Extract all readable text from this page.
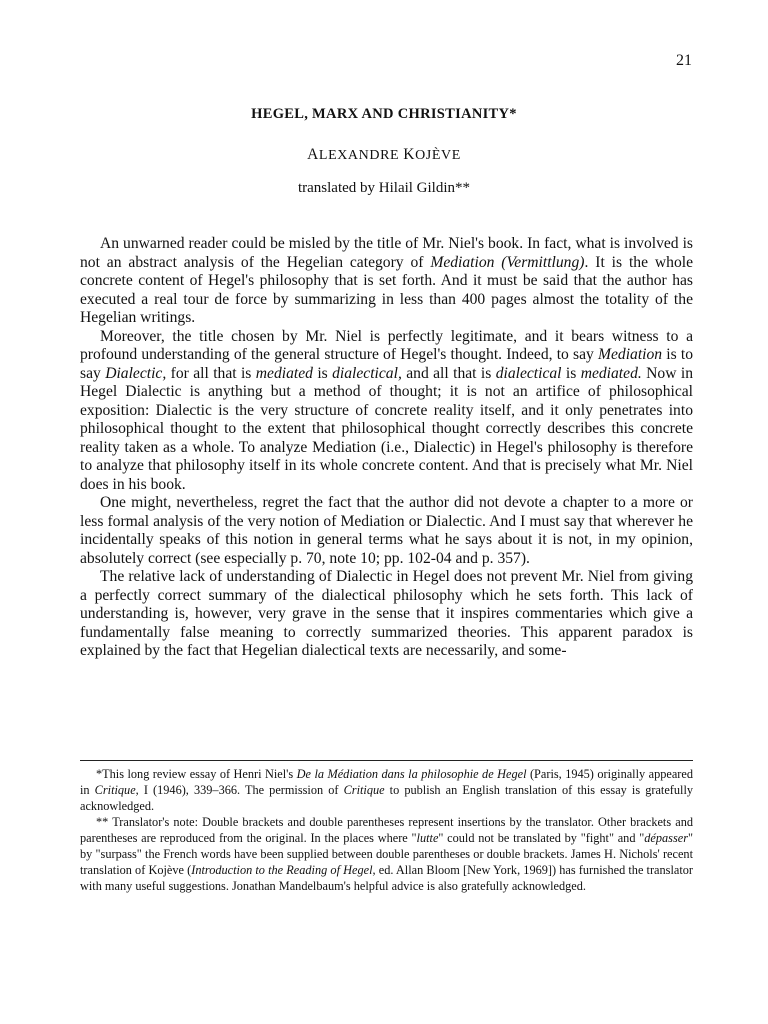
21
HEGEL, MARX AND CHRISTIANITY*
ALEXANDRE KOJÈVE
translated by Hilail Gildin**

An unwarned reader could be misled by the title of Mr. Niel's book. In fact, what is involved is not an abstract analysis of the Hegelian category of Mediation (Vermittlung). It is the whole concrete content of Hegel's philosophy that is set forth. And it must be said that the author has executed a real tour de force by summarizing in less than 400 pages almost the totality of the Hegelian writings.

Moreover, the title chosen by Mr. Niel is perfectly legitimate, and it bears witness to a profound understanding of the general structure of Hegel's thought. Indeed, to say Mediation is to say Dialectic, for all that is mediated is dialectical, and all that is dialectical is mediated. Now in Hegel Dialectic is anything but a method of thought; it is not an artifice of philosophical exposition: Dialectic is the very structure of concrete reality itself, and it only penetrates into philosophical thought to the extent that philosophical thought correctly describes this concrete reality taken as a whole. To analyze Mediation (i.e., Dialectic) in Hegel's philosophy is therefore to analyze that philosophy itself in its whole concrete content. And that is precisely what Mr. Niel does in his book.

One might, nevertheless, regret the fact that the author did not devote a chapter to a more or less formal analysis of the very notion of Mediation or Dialectic. And I must say that wherever he incidentally speaks of this notion in general terms what he says about it is not, in my opinion, absolutely correct (see especially p. 70, note 10; pp. 102-04 and p. 357).

The relative lack of understanding of Dialectic in Hegel does not prevent Mr. Niel from giving a perfectly correct summary of the dialectical philosophy which he sets forth. This lack of understanding is, however, very grave in the sense that it inspires commentaries which give a fundamentally false meaning to correctly summarized theories. This apparent paradox is explained by the fact that Hegelian dialectical texts are necessarily, and some-

*This long review essay of Henri Niel's De la Médiation dans la philosophie de Hegel (Paris, 1945) originally appeared in Critique, I (1946), 339–366. The permission of Critique to publish an English translation of this essay is gratefully acknowledged.

** Translator's note: Double brackets and double parentheses represent insertions by the translator. Other brackets and parentheses are reproduced from the original. In the places where "lutte" could not be translated by "fight" and "dépasser" by "surpass" the French words have been supplied between double parentheses or double brackets. James H. Nichols' recent translation of Kojève (Introduction to the Reading of Hegel, ed. Allan Bloom [New York, 1969]) has furnished the translator with many useful suggestions. Jonathan Mandelbaum's helpful advice is also gratefully acknowledged.
